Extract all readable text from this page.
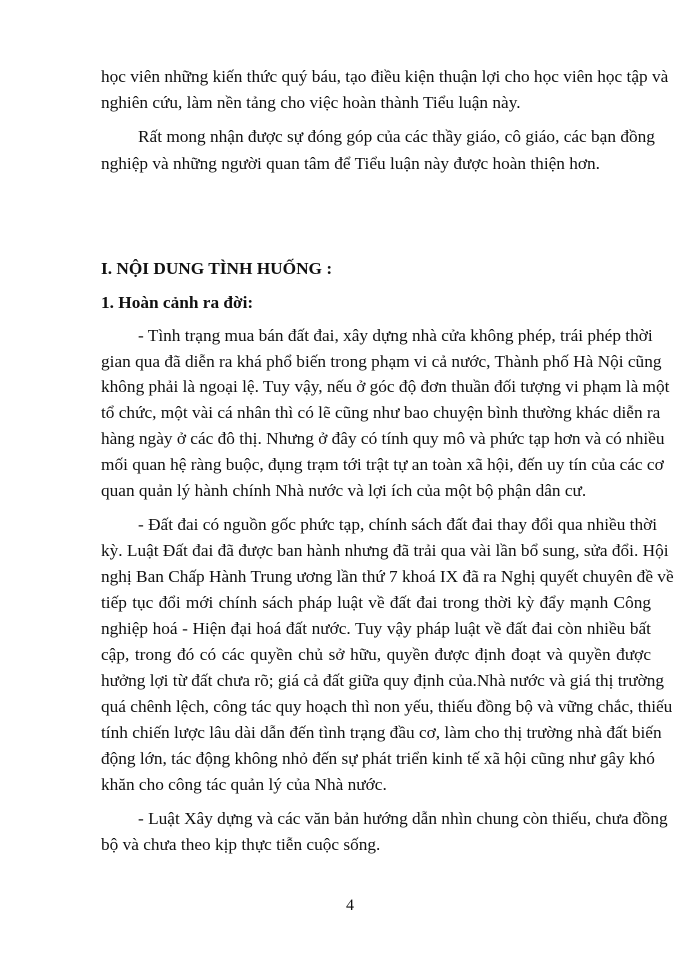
học viên những kiến thức quý báu, tạo điều kiện thuận lợi cho học viên học tập và
nghiên cứu, làm nền tảng cho việc hoàn thành Tiểu luận này.
Rất mong nhận được sự đóng góp của các thầy giáo, cô giáo, các bạn đồng
nghiệp và những người quan tâm để Tiểu luận này được hoàn thiện hơn.
I. NỘI DUNG TÌNH HUỐNG :
1. Hoàn cảnh ra đời:
- Tình trạng mua bán đất đai, xây dựng nhà cửa không phép, trái phép thời
gian qua đã diễn ra khá phổ biến trong phạm vi cả nước, Thành phố Hà Nội cũng
không phải là ngoại lệ. Tuy vậy, nếu ở góc độ đơn thuần đối tượng vi phạm là một
tổ chức, một vài cá nhân thì có lẽ cũng như bao chuyện bình thường khác diễn ra
hàng ngày ở các đô thị. Nhưng ở đây có tính quy mô và phức tạp hơn và có nhiều
mối quan hệ ràng buộc, đụng trạm tới trật tự an toàn xã hội, đến uy tín của các cơ
quan quản lý hành chính Nhà nước và lợi ích của một bộ phận dân cư.
- Đất đai có nguồn gốc phức tạp, chính sách đất đai thay đổi qua nhiều thời
kỳ. Luật Đất đai đã được ban hành nhưng đã trải qua vài lần bổ sung, sửa đổi. Hội
nghị Ban Chấp Hành Trung ương lần thứ 7 khoá IX đã ra Nghị quyết chuyên đề về
tiếp tục đổi mới chính sách pháp luật về đất đai trong thời kỳ đẩy mạnh Công
nghiệp hoá - Hiện đại hoá đất nước. Tuy vậy pháp luật về đất đai còn nhiều bất
cập, trong đó có các quyền chủ sở hữu, quyền được định đoạt và quyền được
hưởng lợi từ đất chưa rõ; giá cả đất giữa quy định của.Nhà nước và giá thị trường
quá chênh lệch, công tác quy hoạch thì non yếu, thiếu đồng bộ và vững chắc, thiếu
tính chiến lược lâu dài dẫn đến tình trạng đầu cơ, làm cho thị trường nhà đất biến
động lớn, tác động không nhỏ đến sự phát triển kinh tế xã hội cũng như gây khó
khăn cho công tác quản lý của Nhà nước.
- Luật Xây dựng và các văn bản hướng dẫn nhìn chung còn thiếu, chưa đồng
bộ và chưa theo kịp thực tiễn cuộc sống.
4
